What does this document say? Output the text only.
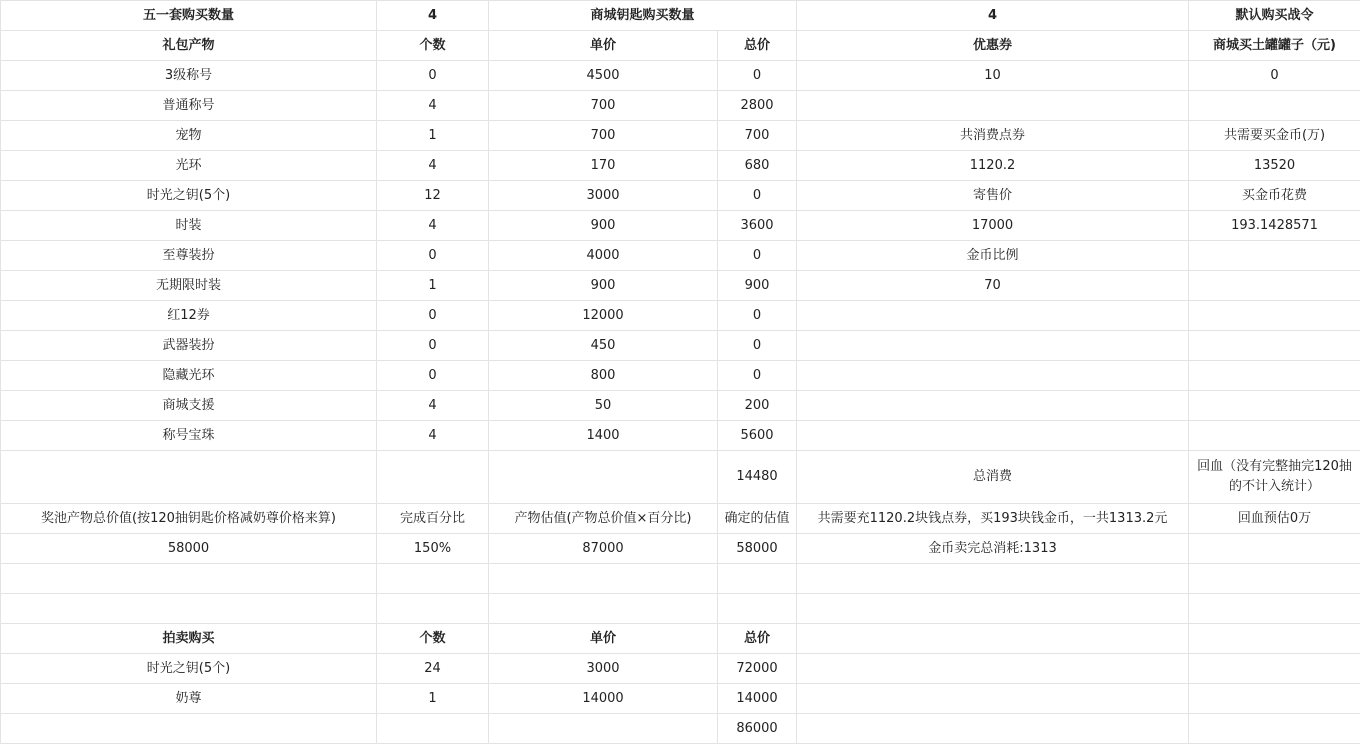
五一套购买数量	4	商城钥匙购买数量		4	默认购买战令
礼包产物	个数	单价	总价	优惠券	商城买土罐罐子（元)
3级称号	0	4500	0	10	0
普通称号	4	700	2800		
宠物	1	700	700	共消费点券	共需要买金币(万)
光环	4	170	680	1120.2	13520
时光之钥(5个)	12	3000	0	寄售价	买金币花费
时装	4	900	3600	17000	193.1428571
至尊装扮	0	4000	0	金币比例	
无期限时装	1	900	900	70	
红12券	0	12000	0		
武器装扮	0	450	0		
隐藏光环	0	800	0		
商城支援	4	50	200		
称号宝珠	4	1400	5600		
			14480	总消费	回血（没有完整抽完120抽的不计入统计）
奖池产物总价值(按120抽钥匙价格减奶尊价格来算)	完成百分比	产物估值(产物总价值×百分比)	确定的估值	共需要充1120.2块钱点券，买193块钱金币，一共1313.2元	回血预估0万
58000	150%	87000	58000	金币卖完总消耗:1313	

拍卖购买	个数	单价	总价		
时光之钥(5个)	24	3000	72000		
奶尊	1	14000	14000		
			86000		
